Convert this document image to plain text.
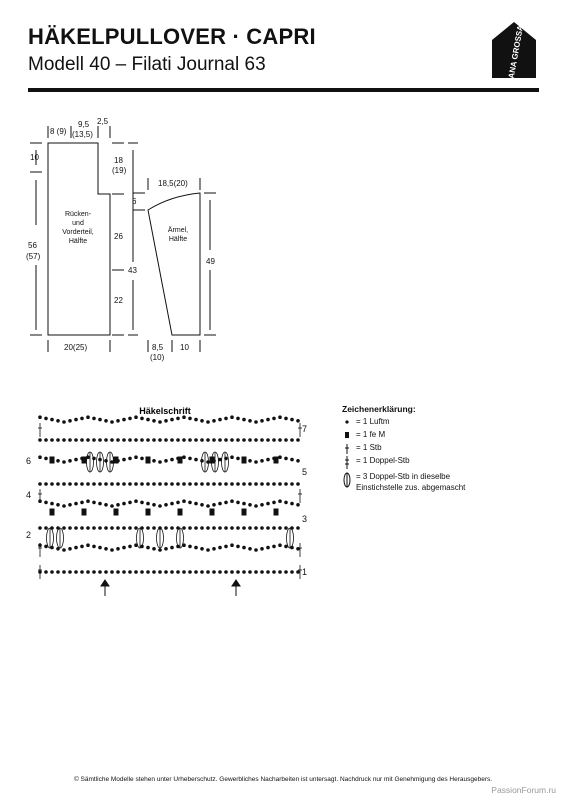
HÄKELPULLOVER · CAPRI
Modell 40 – Filati Journal 63	LANA GROSSA
8 (9)
9,5
(13,5)
2,5
10	18
(19)
Rücken-
und
Vorderteil,
Hälfte
26
43
22
56
(57)
20(25)
18,5(20)
6
Ärmel,
Hälfte
49
8,5
(10)
10
Häkelschrift
1
3
5
7
2
4
6
Zeichenerklärung:
= 1 Luftm
= 1 fe M
= 1 Stb
= 1 Doppel-Stb
= 3 Doppel-Stb in dieselbe
Einstichstelle zus. abgemascht
© Sämtliche Modelle stehen unter Urheberschutz. Gewerbliches Nacharbeiten ist untersagt. Nachdruck nur mit Genehmigung des Herausgebers.
PassionForum.ru
